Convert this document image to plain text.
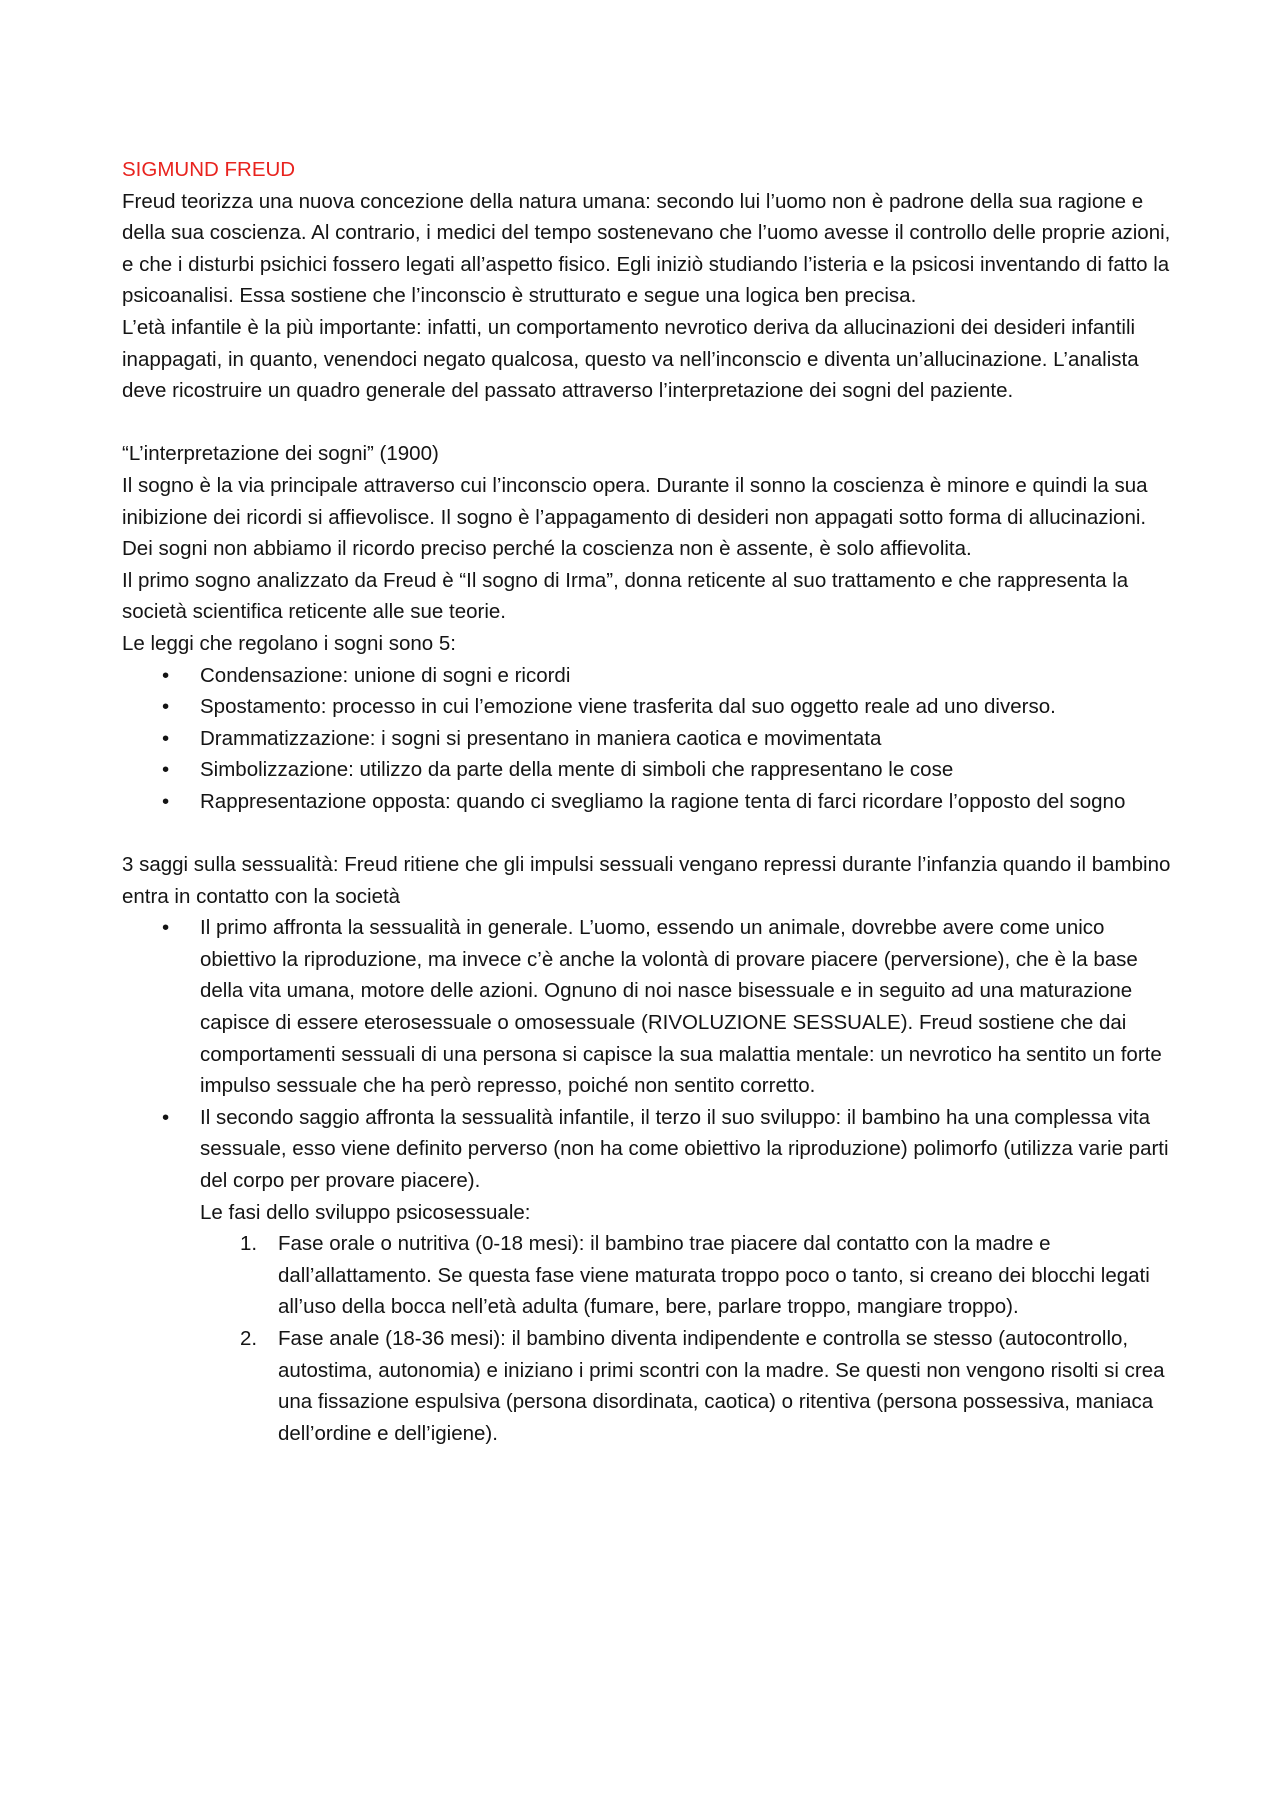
SIGMUND FREUD

Freud teorizza una nuova concezione della natura umana: secondo lui l’uomo non è padrone della sua ragione e della sua coscienza. Al contrario, i medici del tempo sostenevano che l’uomo avesse il controllo delle proprie azioni, e che i disturbi psichici fossero legati all’aspetto fisico. Egli iniziò studiando l’isteria e la psicosi inventando di fatto la psicoanalisi. Essa sostiene che l’inconscio è strutturato e segue una logica ben precisa.

L’età infantile è la più importante: infatti, un comportamento nevrotico deriva da allucinazioni dei desideri infantili inappagati, in quanto, venendoci negato qualcosa, questo va nell’inconscio e diventa un’allucinazione. L’analista deve ricostruire un quadro generale del passato attraverso l’interpretazione dei sogni del paziente.

“L’interpretazione dei sogni” (1900)

Il sogno è la via principale attraverso cui l’inconscio opera. Durante il sonno la coscienza è minore e quindi la sua inibizione dei ricordi si affievolisce. Il sogno è l’appagamento di desideri non appagati sotto forma di allucinazioni. Dei sogni non abbiamo il ricordo preciso perché la coscienza non è assente, è solo affievolita.

Il primo sogno analizzato da Freud è “Il sogno di Irma”, donna reticente al suo trattamento e che rappresenta la società scientifica reticente alle sue teorie.

Le leggi che regolano i sogni sono 5:

• Condensazione: unione di sogni e ricordi
• Spostamento: processo in cui l’emozione viene trasferita dal suo oggetto reale ad uno diverso.
• Drammatizzazione: i sogni si presentano in maniera caotica e movimentata
• Simbolizzazione: utilizzo da parte della mente di simboli che rappresentano le cose
• Rappresentazione opposta: quando ci svegliamo la ragione tenta di farci ricordare l’opposto del sogno

3 saggi sulla sessualità: Freud ritiene che gli impulsi sessuali vengano repressi durante l’infanzia quando il bambino entra in contatto con la società

• Il primo affronta la sessualità in generale. L’uomo, essendo un animale, dovrebbe avere come unico obiettivo la riproduzione, ma invece c’è anche la volontà di provare piacere (perversione), che è la base della vita umana, motore delle azioni. Ognuno di noi nasce bisessuale e in seguito ad una maturazione capisce di essere eterosessuale o omosessuale (RIVOLUZIONE SESSUALE). Freud sostiene che dai comportamenti sessuali di una persona si capisce la sua malattia mentale: un nevrotico ha sentito un forte impulso sessuale che ha però represso, poiché non sentito corretto.
• Il secondo saggio affronta la sessualità infantile, il terzo il suo sviluppo: il bambino ha una complessa vita sessuale, esso viene definito perverso (non ha come obiettivo la riproduzione) polimorfo (utilizza varie parti del corpo per provare piacere).
Le fasi dello sviluppo psicosessuale:
1. Fase orale o nutritiva (0-18 mesi): il bambino trae piacere dal contatto con la madre e dall’allattamento. Se questa fase viene maturata troppo poco o tanto, si creano dei blocchi legati all’uso della bocca nell’età adulta (fumare, bere, parlare troppo, mangiare troppo).
2. Fase anale (18-36 mesi): il bambino diventa indipendente e controlla se stesso (autocontrollo, autostima, autonomia) e iniziano i primi scontri con la madre. Se questi non vengono risolti si crea una fissazione espulsiva (persona disordinata, caotica) o ritentiva (persona possessiva, maniaca dell’ordine e dell’igiene).
